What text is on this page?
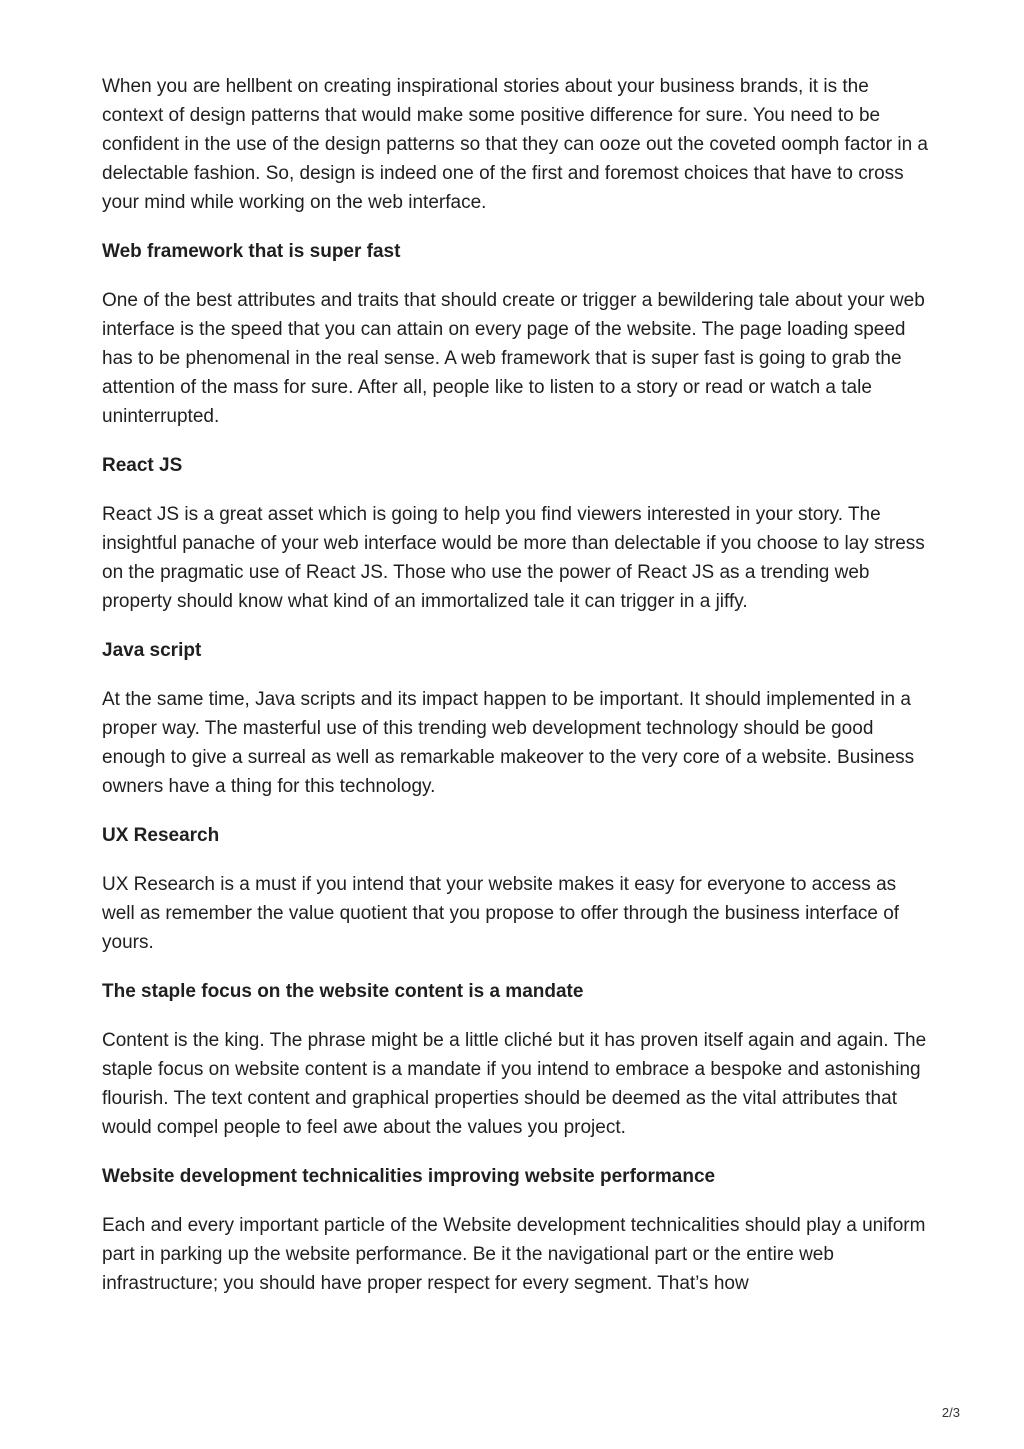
When you are hellbent on creating inspirational stories about your business brands, it is the context of design patterns that would make some positive difference for sure. You need to be confident in the use of the design patterns so that they can ooze out the coveted oomph factor in a delectable fashion. So, design is indeed one of the first and foremost choices that have to cross your mind while working on the web interface.

Web framework that is super fast

One of the best attributes and traits that should create or trigger a bewildering tale about your web interface is the speed that you can attain on every page of the website. The page loading speed has to be phenomenal in the real sense. A web framework that is super fast is going to grab the attention of the mass for sure. After all, people like to listen to a story or read or watch a tale uninterrupted.

React JS

React JS is a great asset which is going to help you find viewers interested in your story. The insightful panache of your web interface would be more than delectable if you choose to lay stress on the pragmatic use of React JS. Those who use the power of React JS as a trending web property should know what kind of an immortalized tale it can trigger in a jiffy.

Java script

At the same time, Java scripts and its impact happen to be important. It should implemented in a proper way. The masterful use of this trending web development technology should be good enough to give a surreal as well as remarkable makeover to the very core of a website. Business owners have a thing for this technology.

UX Research

UX Research is a must if you intend that your website makes it easy for everyone to access as well as remember the value quotient that you propose to offer through the business interface of yours.

The staple focus on the website content is a mandate

Content is the king. The phrase might be a little cliché but it has proven itself again and again. The staple focus on website content is a mandate if you intend to embrace a bespoke and astonishing flourish. The text content and graphical properties should be deemed as the vital attributes that would compel people to feel awe about the values you project.

Website development technicalities improving website performance

Each and every important particle of the Website development technicalities should play a uniform part in parking up the website performance. Be it the navigational part or the entire web infrastructure; you should have proper respect for every segment. That’s how

2/3
